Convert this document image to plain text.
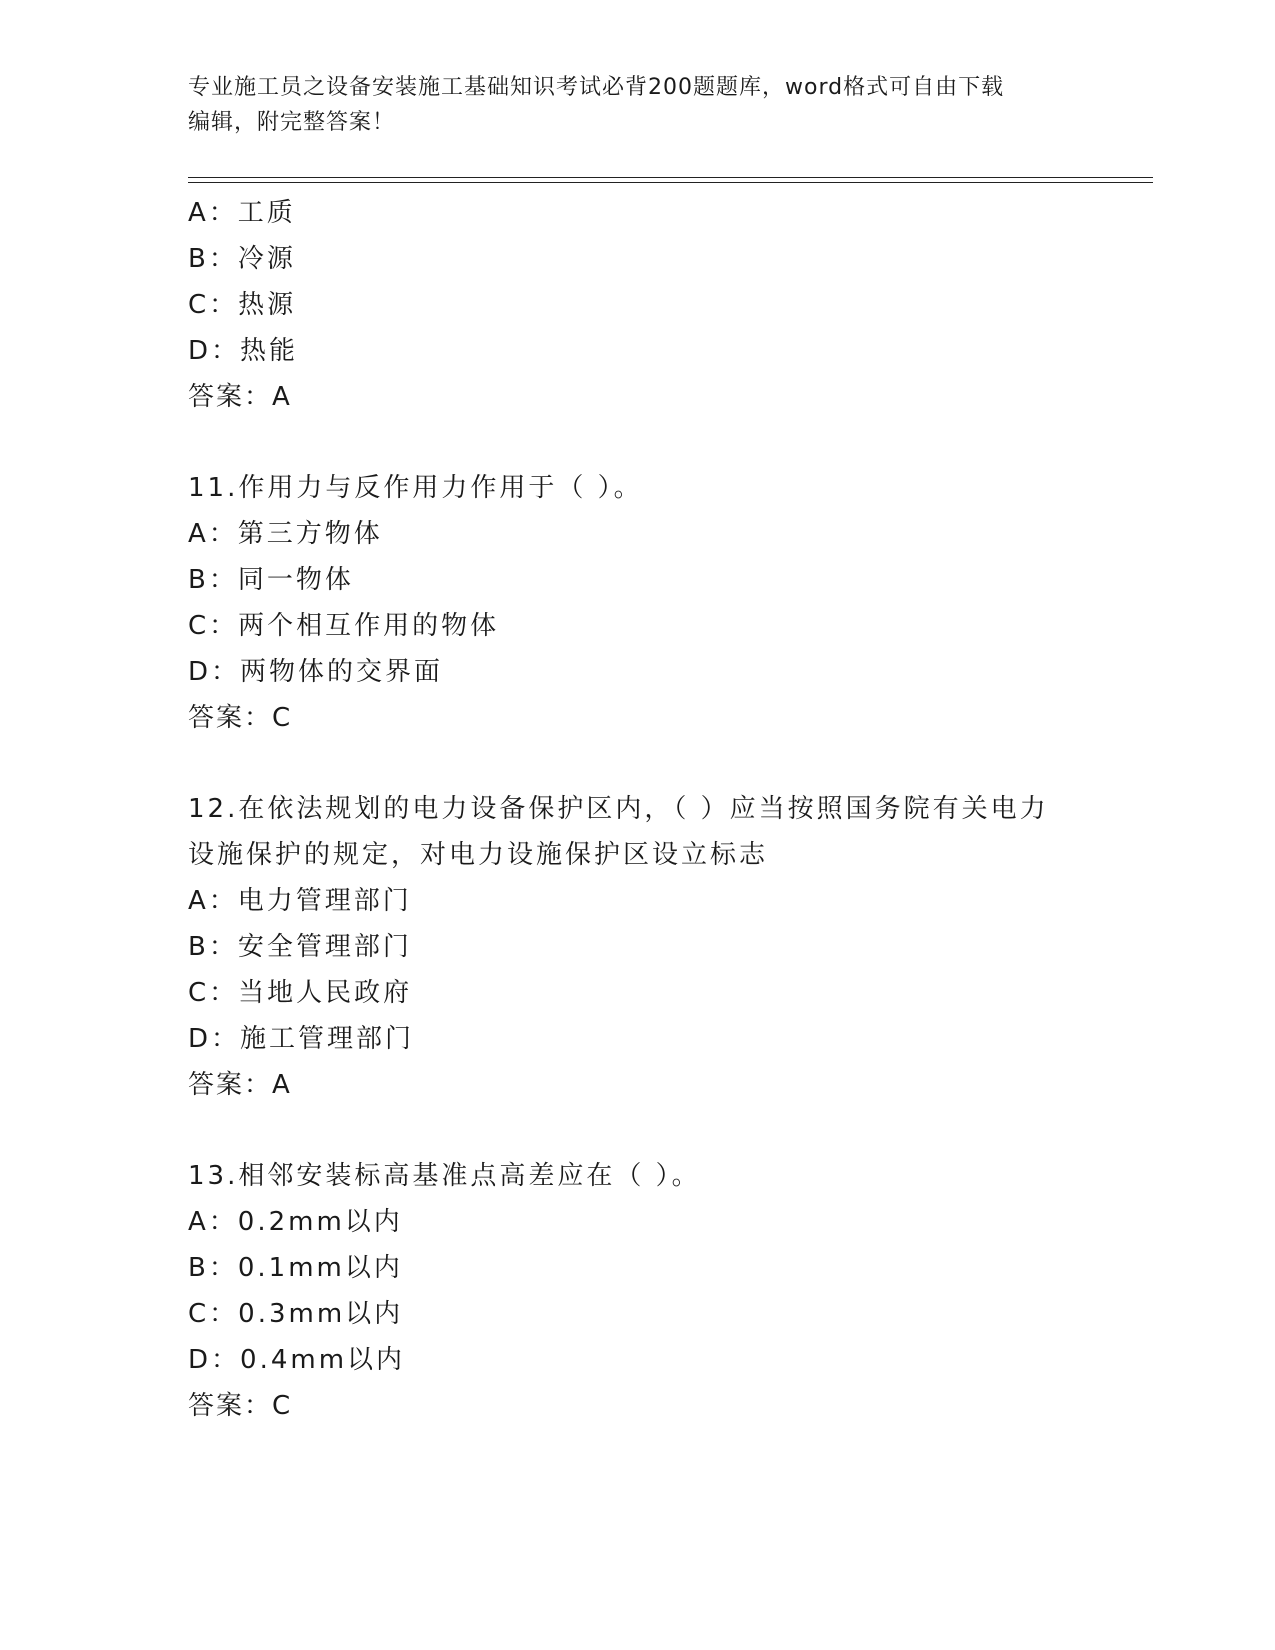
专业施工员之设备安装施工基础知识考试必背200题题库，word格式可自由下载
编辑，附完整答案！
A：工质
B：冷源
C：热源
D：热能
答案：A
11.作用力与反作用力作用于（ ）。
A：第三方物体
B：同一物体
C：两个相互作用的物体
D：两物体的交界面
答案：C
12.在依法规划的电力设备保护区内，（ ）应当按照国务院有关电力
设施保护的规定，对电力设施保护区设立标志
A：电力管理部门
B：安全管理部门
C：当地人民政府
D：施工管理部门
答案：A
13.相邻安装标高基准点高差应在（ ）。
A：0.2mm以内
B：0.1mm以内
C：0.3mm以内
D：0.4mm以内
答案：C
